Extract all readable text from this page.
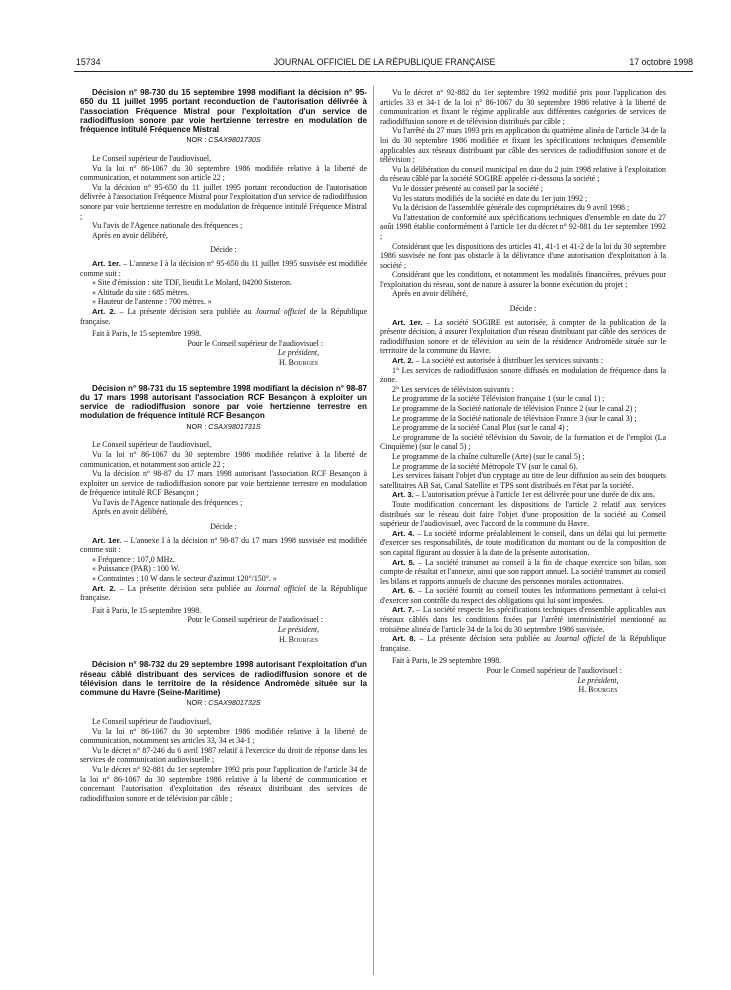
15734	JOURNAL OFFICIEL DE LA RÉPUBLIQUE FRANÇAISE	17 octobre 1998

Décision n° 98-730 du 15 septembre 1998 modifiant la décision n° 95-650 du 11 juillet 1995 portant reconduction de l'autorisation délivrée à l'association Fréquence Mistral pour l'exploitation d'un service de radiodiffusion sonore par voie hertzienne terrestre en modulation de fréquence intitulé Fréquence Mistral

NOR : CSAX9801730S

Le Conseil supérieur de l'audiovisuel,

Vu la loi n° 86-1067 du 30 septembre 1986 modifiée relative à la liberté de communication, et notamment son article 22 ;

Vu la décision n° 95-650 du 11 juillet 1995 portant reconduction de l'autorisation délivrée à l'association Fréquence Mistral pour l'exploitation d'un service de radiodiffusion sonore par voie hertzienne terrestre en modulation de fréquence intitulé Fréquence Mistral ;

Vu l'avis de l'Agence nationale des fréquences ;

Après en avoir délibéré,

Décide :

Art. 1er. – L'annexe I à la décision n° 95-650 du 11 juillet 1995 susvisée est modifiée comme suit :

« Site d'émission : site TDF, lieudit Le Molard, 04200 Sisteron.

« Altitude du site : 685 mètres.

« Hauteur de l'antenne : 700 mètres. »

Art. 2. – La présente décision sera publiée au Journal officiel de la République française.

Fait à Paris, le 15 septembre 1998.

Pour le Conseil supérieur de l'audiovisuel :

Le président,

H. Bourges

Décision n° 98-731 du 15 septembre 1998 modifiant la décision n° 98-87 du 17 mars 1998 autorisant l'association RCF Besançon à exploiter un service de radiodiffusion sonore par voie hertzienne terrestre en modulation de fréquence intitulé RCF Besançon

NOR : CSAX9801731S

Le Conseil supérieur de l'audiovisuel,

Vu la loi n° 86-1067 du 30 septembre 1986 modifiée relative à la liberté de communication, et notamment son article 22 ;

Vu la décision n° 98-87 du 17 mars 1998 autorisant l'association RCF Besançon à exploiter un service de radiodiffusion sonore par voie hertzienne terrestre en modulation de fréquence intitulé RCF Besançon ;

Vu l'avis de l'Agence nationale des fréquences ;

Après en avoir délibéré,

Décide :

Art. 1er. – L'annexe I à la décision n° 98-87 du 17 mars 1998 susvisée est modifiée comme suit :

« Fréquence : 107,0 MHz.

« Puissance (PAR) : 100 W.

« Contraintes : 10 W dans le secteur d'azimut 120°/150°. »

Art. 2. – La présente décision sera publiée au Journal officiel de la République française.

Fait à Paris, le 15 septembre 1998.

Pour le Conseil supérieur de l'audiovisuel :

Le président,

H. Bourges

Décision n° 98-732 du 29 septembre 1998 autorisant l'exploitation d'un réseau câblé distribuant des services de radiodiffusion sonore et de télévision dans le territoire de la résidence Andromède située sur la commune du Havre (Seine-Maritime)

NOR : CSAX9801732S

Le Conseil supérieur de l'audiovisuel,

Vu la loi n° 86-1067 du 30 septembre 1986 modifiée relative à la liberté de communication, notamment ses articles 33, 34 et 34-1 ;

Vu le décret n° 87-246 du 6 avril 1987 relatif à l'exercice du droit de réponse dans les services de communication audiovisuelle ;

Vu le décret n° 92-881 du 1er septembre 1992 pris pour l'application de l'article 34 de la loi n° 86-1067 du 30 septembre 1986 relative à la liberté de communication et concernant l'autorisation d'exploitation des réseaux distribuant des services de radiodiffusion sonore et de télévision par câble ;

Vu le décret n° 92-882 du 1er septembre 1992 modifié pris pour l'application des articles 33 et 34-1 de la loi n° 86-1067 du 30 septembre 1986 relative à la liberté de communication et fixant le régime applicable aux différentes catégories de services de radiodiffusion sonore et de télévision distribués par câble ;

Vu l'arrêté du 27 mars 1993 pris en application du quatrième alinéa de l'article 34 de la loi du 30 septembre 1986 modifiée et fixant les spécifications techniques d'ensemble applicables aux réseaux distribuant par câble des services de radiodiffusion sonore et de télévision ;

Vu la délibération du conseil municipal en date du 2 juin 1998 relative à l'exploitation du réseau câblé par la société SOGIRE appelée ci-dessous la société ;

Vu le dossier présenté au conseil par la société ;

Vu les statuts modifiés de la société en date du 1er juin 1992 ;

Vu la décision de l'assemblée générale des copropriétaires du 9 avril 1998 ;

Vu l'attestation de conformité aux spécifications techniques d'ensemble en date du 27 août 1998 établie conformément à l'article 1er du décret n° 92-881 du 1er septembre 1992 ;

Considérant que les dispositions des articles 41, 41-1 et 41-2 de la loi du 30 septembre 1986 susvisée ne font pas obstacle à la délivrance d'une autorisation d'exploitation à la société ;

Considérant que les conditions, et notamment les modalités financières, prévues pour l'exploitation du réseau, sont de nature à assurer la bonne exécution du projet ;

Après en avoir délibéré,

Décide :

Art. 1er. – La société SOGIRE est autorisée, à compter de la publication de la présente décision, à assurer l'exploitation d'un réseau distribuant par câble des services de radiodiffusion sonore et de télévision au sein de la résidence Andromède située sur le territoire de la commune du Havre.

Art. 2. – La société est autorisée à distribuer les services suivants :

1° Les services de radiodiffusion sonore diffusés en modulation de fréquence dans la zone.

2° Les services de télévision suivants :

Le programme de la société Télévision française 1 (sur le canal 1) ;

Le programme de la Société nationale de télévision France 2 (sur le canal 2) ;

Le programme de la Société nationale de télévision France 3 (sur le canal 3) ;

Le programme de la société Canal Plus (sur le canal 4) ;

Le programme de la société télévision du Savoir, de la formation et de l'emploi (La Cinquième) (sur le canal 5) ;

Le programme de la chaîne culturelle (Arte) (sur le canal 5) ;

Le programme de la société Métropole TV (sur le canal 6).

Les services faisant l'objet d'un cryptage au titre de leur diffusion au sein des bouquets satellitaires AB Sat, Canal Satellite et TPS sont distribués en l'état par la société.

Art. 3. – L'autorisation prévue à l'article 1er est délivrée pour une durée de dix ans.

Toute modification concernant les dispositions de l'article 2 relatif aux services distribués sur le réseau doit faire l'objet d'une proposition de la société au Conseil supérieur de l'audiovisuel, avec l'accord de la commune du Havre.

Art. 4. – La société informe préalablement le conseil, dans un délai qui lui permette d'exercer ses responsabilités, de toute modification du montant ou de la composition de son capital figurant au dossier à la date de la présente autorisation.

Art. 5. – La société transmet au conseil à la fin de chaque exercice son bilan, son compte de résultat et l'annexe, ainsi que son rapport annuel. La société transmet au conseil les bilans et rapports annuels de chacune des personnes morales actionnaires.

Art. 6. – La société fournit au conseil toutes les informations permettant à celui-ci d'exercer son contrôle du respect des obligations qui lui sont imposées.

Art. 7. – La société respecte les spécifications techniques d'ensemble applicables aux réseaux câblés dans les conditions fixées par l'arrêté interministériel mentionné au troisième alinéa de l'article 34 de la loi du 30 septembre 1986 susvisée.

Art. 8. – La présente décision sera publiée au Journal officiel de la République française.

Fait à Paris, le 29 septembre 1998.

Pour le Conseil supérieur de l'audiovisuel :

Le président,

H. Bourges
